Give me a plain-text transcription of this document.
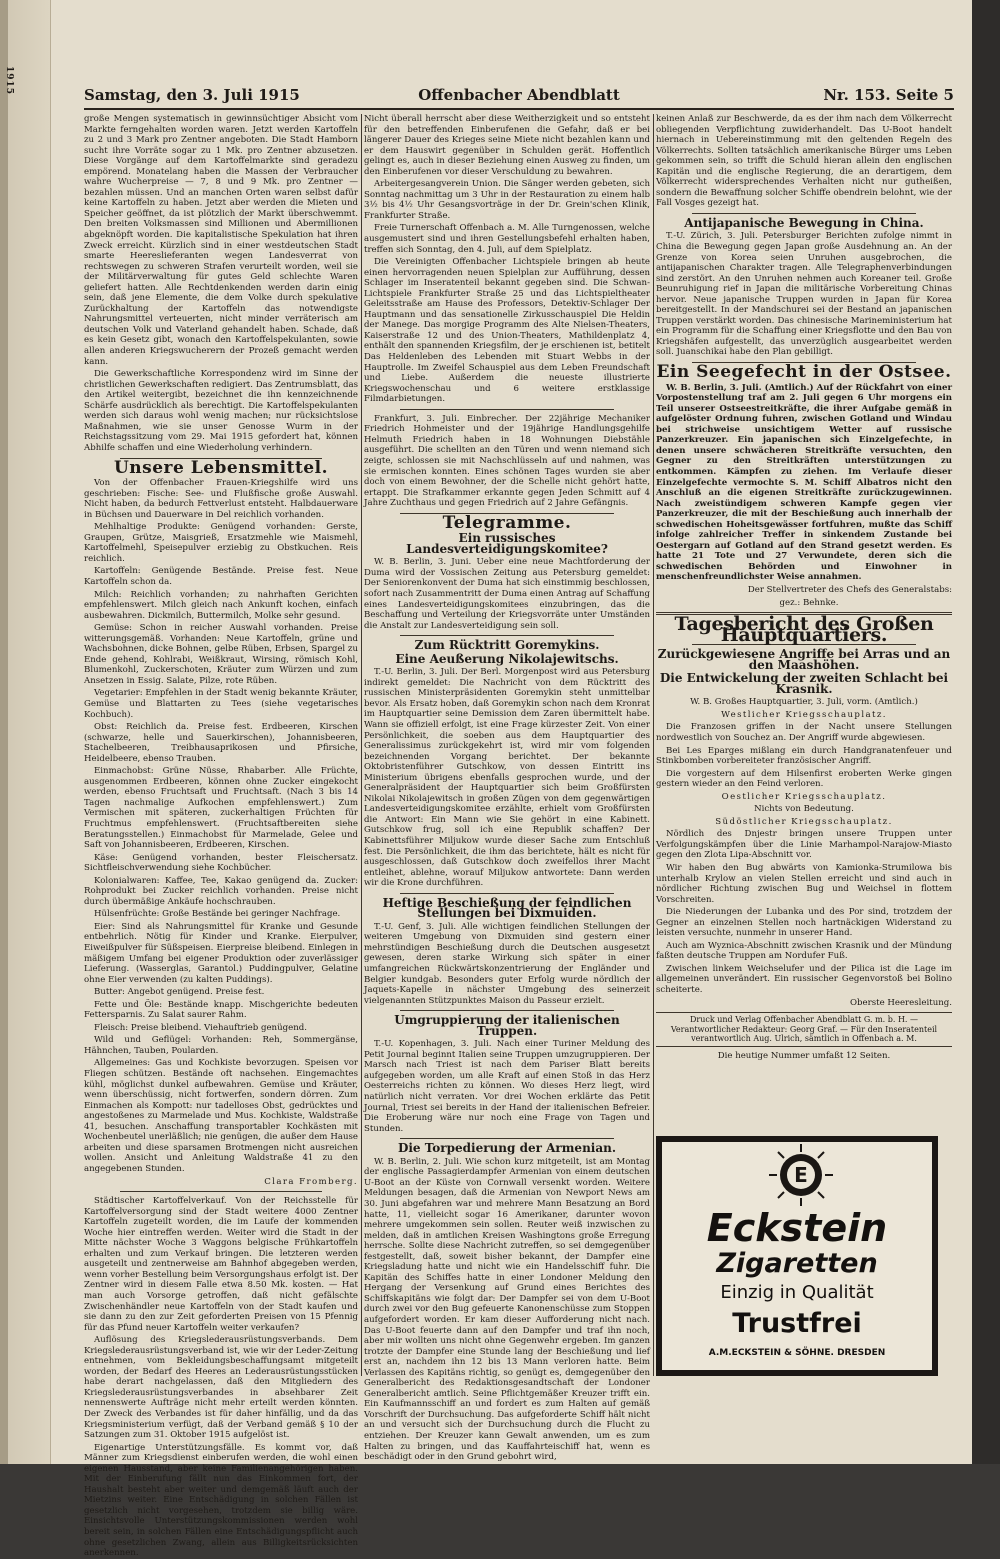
1915	Offenbacher Abendblatt
Samstag, den 3. Juli 1915	Nr. 153. Seite 5

große Mengen systematisch in gewinnsüchtiger Absicht vom Markte ferngehalten worden waren. Jetzt werden Kartoffeln zu 2 und 3 Mark pro Zentner angeboten. Die Stadt Hamborn sucht ihre Vorräte sogar zu 1 Mk. pro Zentner abzusetzen. Diese Vorgänge auf dem Kartoffelmarkte sind geradezu empörend. Monatelang haben die Massen der Verbraucher wahre Wucherpreise — 7, 8 und 9 Mk. pro Zentner — bezahlen müssen. Und an manchen Orten waren selbst dafür keine Kartoffeln zu haben. Jetzt aber werden die Mieten und Speicher geöffnet, da ist plötzlich der Markt überschwemmt. Den breiten Volksmassen sind Millionen und Abermillionen abgeknöpft worden. Die kapitalistische Spekulation hat ihren Zweck erreicht. Kürzlich sind in einer westdeutschen Stadt smarte Heereslieferanten wegen Landesverrat von rechtswegen zu schweren Strafen verurteilt worden, weil sie der Militärverwaltung für gutes Geld schlechte Waren geliefert hatten. Alle Rechtdenkenden werden darin einig sein, daß jene Elemente, die dem Volke durch spekulative Zurückhaltung der Kartoffeln das notwendigste Nahrungsmittel verteuerten, nicht minder verräterisch am deutschen Volk und Vaterland gehandelt haben. Schade, daß es kein Gesetz gibt, wonach den Kartoffelspekulanten, sowie allen anderen Kriegswucherern der Prozeß gemacht werden kann.

Die Gewerkschaftliche Korrespondenz wird im Sinne der christlichen Gewerkschaften redigiert. Das Zentrumsblatt, das den Artikel weitergibt, bezeichnet die ihn kennzeichnende Schärfe ausdrücklich als berechtigt. Die Kartoffelspekulanten werden sich daraus wohl wenig machen; nur rücksichtslose Maßnahmen, wie sie unser Genosse Wurm in der Reichstagssitzung vom 29. Mai 1915 gefordert hat, können Abhilfe schaffen und eine Wiederholung verhindern.

Unsere Lebensmittel.

Von der Offenbacher Frauen-Kriegshilfe wird uns geschrieben: Fische: See- und Flußfische große Auswahl. Nicht haben, da bedurch Fettverlust entsteht. Halbdauerware in Büchsen und Dauerware in Del reichlich vorhanden.

Mehlhaltige Produkte: Genügend vorhanden: Gerste, Graupen, Grütze, Maisgrieß, Ersatzmehle wie Maismehl, Kartoffelmehl, Speisepulver erziebig zu Obstkuchen. Reis reichlich.

Kartoffeln: Genügende Bestände. Preise fest. Neue Kartoffeln schon da.

Milch: Reichlich vorhanden; zu nahrhaften Gerichten empfehlenswert. Milch gleich nach Ankunft kochen, einfach ausbewahren. Dickmilch, Buttermilch, Molke sehr gesund.

Gemüse: Schon in reicher Auswahl vorhanden. Preise witterungsgemäß. Vorhanden: Neue Kartoffeln, grüne und Wachsbohnen, dicke Bohnen, gelbe Rüben, Erbsen, Spargel zu Ende gehend, Kohlrabi, Weißkraut, Wirsing, römisch Kohl, Blumenkohl, Zuckerschoten, Kräuter zum Würzen und zum Ansetzen in Essig. Salate, Pilze, rote Rüben.

Vegetarier: Empfehlen in der Stadt wenig bekannte Kräuter, Gemüse und Blattarten zu Tees (siehe vegetarisches Kochbuch).

Obst: Reichlich da. Preise fest. Erdbeeren, Kirschen (schwarze, helle und Sauerkirschen), Johannisbeeren, Stachelbeeren, Treibhausaprikosen und Pfirsiche, Heidelbeere, ebenso Trauben.

Einmachobst: Grüne Nüsse, Rhabarber. Alle Früchte, ausgenommen Erdbeeren, können ohne Zucker eingekocht werden, ebenso Fruchtsaft und Fruchtsaft. (Nach 3 bis 14 Tagen nachmalige Aufkochen empfehlenswert.) Zum Vermischen mit späteren, zuckerhaltigen Früchten für Fruchtmus empfehlenswert. (Fruchtsaftbereiten siehe Beratungsstellen.) Einmachobst für Marmelade, Gelee und Saft von Johannisbeeren, Erdbeeren, Kirschen.

Käse: Genügend vorhanden, bester Fleischersatz. Sichtfleischverwendung siehe Kochbücher.

Kolonialwaren: Kaffee, Tee, Kakao genügend da. Zucker: Rohprodukt bei Zucker reichlich vorhanden. Preise nicht durch übermäßige Ankäufe hochschrauben.

Hülsenfrüchte: Große Bestände bei geringer Nachfrage.

Eier: Sind als Nahrungsmittel für Kranke und Gesunde entbehrlich. Nötig für Kinder und Kranke. Eierpulver, Eiweißpulver für Süßspeisen. Eierpreise bleibend. Einlegen in mäßigem Umfang bei eigener Produktion oder zuverlässiger Lieferung. (Wasserglas, Garantol.) Puddingpulver, Gelatine ohne Eier verwenden (zu kalten Puddings).

Butter: Angebot genügend. Preise fest.

Fette und Öle: Bestände knapp. Mischgerichte bedeuten Fettersparnis. Zu Salat saurer Rahm.

Fleisch: Preise bleibend. Viehauftrieb genügend.

Wild und Geflügel: Vorhanden: Reh, Sommergänse, Hähnchen, Tauben, Poularden.

Allgemeines: Gas und Kochkiste bevorzugen. Speisen vor Fliegen schützen. Bestände oft nachsehen. Eingemachtes kühl, möglichst dunkel aufbewahren. Gemüse und Kräuter, wenn überschüssig, nicht fortwerfen, sondern dörren. Zum Einmachen als Kompott: nur tadelloses Obst, gedrücktes und angestoßenes zu Marmelade und Mus. Kochkiste, Waldstraße 41, besuchen. Anschaffung transportabler Kochkästen mit Wochenbeutel unerläßlich; nie genügen, die außer dem Hause arbeiten und diese sparsamen Brotmengen nicht ausreichen wollen. Ansicht und Anleitung Waldstraße 41 zu den angegebenen Stunden.

Clara Fromberg.

Städtischer Kartoffelverkauf. Von der Reichsstelle für Kartoffelversorgung sind der Stadt weitere 4000 Zentner Kartoffeln zugeteilt worden, die im Laufe der kommenden Woche hier eintreffen werden. Weiter wird die Stadt in der Mitte nächster Woche 3 Waggons belgische Frühkartoffeln erhalten und zum Verkauf bringen. Die letzteren werden ausgeteilt und zentnerweise am Bahnhof abgegeben werden, wenn vorher Bestellung beim Versorgungshaus erfolgt ist. Der Zentner wird in diesem Falle etwa 8.50 Mk. kosten. — Hat man auch Vorsorge getroffen, daß nicht gefälschte Zwischenhändler neue Kartoffeln von der Stadt kaufen und sie dann zu den zur Zeit geforderten Preisen von 15 Pfennig für das Pfund neuer Kartoffeln weiter verkaufen?

Auflösung des Kriegslederausrüstungsverbands. Dem Kriegslederausrüstungsverband ist, wie wir der Leder-Zeitung entnehmen, vom Bekleidungsbeschaffungsamt mitgeteilt worden, der Bedarf des Heeres an Lederausrüstungsstücken habe derart nachgelassen, daß den Mitgliedern des Kriegslederausrüstungsverbandes in absehbarer Zeit nennenswerte Aufträge nicht mehr erteilt werden könnten. Der Zweck des Verbandes ist für daher hinfällig, und da das Kriegsministerium verfügt, daß der Verband gemäß § 10 der Satzungen zum 31. Oktober 1915 aufgelöst ist.

Eigenartige Unterstützungsfälle. Es kommt vor, daß Männer zum Kriegsdienst einberufen werden, die wohl einen eigenen Hausstand, aber keine Familienangehörigen haben. Mit der Einberufung fällt nun das Einkommen fort, der Haushalt besteht aber weiter und demgemäß läuft auch der Mietzins weiter. Eine Entschädigung in solchen Fällen ist gesetzlich nicht vorgesehen, trotzdem sie billig wäre. Einsichtsvolle Unterstützungskommissionen werden wohl bereit sein, in solchen Fällen eine Entschädigungspflicht auch ohne gesetzlichen Zwang, allein aus Billigkeitsrücksichten anerkennen.

Nicht überall herrscht aber diese Weitherzigkeit und so entsteht für den betreffenden Einberufenen die Gefahr, daß er bei längerer Dauer des Krieges seine Miete nicht bezahlen kann und er dem Hauswirt gegenüber in Schulden gerät. Hoffentlich gelingt es, auch in dieser Beziehung einen Ausweg zu finden, um den Einberufenen vor dieser Verschuldung zu bewahren.

Arbeitergesangverein Union. Die Sänger werden gebeten, sich Sonntag nachmittag um 3 Uhr in der Restauration zu einem halb 3½ bis 4½ Uhr Gesangsvorträge in der Dr. Grein'schen Klinik, Frankfurter Straße.

Freie Turnerschaft Offenbach a. M. Alle Turngenossen, welche ausgemustert sind und ihren Gestellungsbefehl erhalten haben, treffen sich Sonntag, den 4. Juli, auf dem Spielplatz.

Die Vereinigten Offenbacher Lichtspiele bringen ab heute einen hervorragenden neuen Spielplan zur Aufführung, dessen Schlager im Inseratenteil bekannt gegeben sind. Die Schwan-Lichtspiele Frankfurter Straße 25 und das Lichtspieltheater Geleitsstraße am Hause des Professors, Detektiv-Schlager Der Hauptmann und das sensationelle Zirkusschauspiel Die Heldin der Manege. Das morgige Programm des Alte Nielsen-Theaters, Kaiserstraße 12 und des Union-Theaters, Mathildenplatz 4, enthält den spannenden Kriegsfilm, der je erschienen ist, betitelt Das Heldenleben des Lebenden mit Stuart Webbs in der Hauptrolle. Im Zweifel Schauspiel aus dem Leben Freundschaft und Liebe. Außerdem die neueste illustrierte Kriegswochenschau und 6 weitere erstklassige Filmdarbietungen.

Frankfurt, 3. Juli. Einbrecher. Der 22jährige Mechaniker Friedrich Hohmeister und der 19jährige Handlungsgehilfe Helmuth Friedrich haben in 18 Wohnungen Diebstähle ausgeführt. Die schellten an den Türen und wenn niemand sich zeigte, schlossen sie mit Nachschlüsseln auf und nahmen, was sie ermischen konnten. Eines schönen Tages wurden sie aber doch von einem Bewohner, der die Schelle nicht gehört hatte, ertappt. Die Strafkammer erkannte gegen Jeden Schmitt auf 4 Jahre Zuchthaus und gegen Friedrich auf 2 Jahre Gefängnis.

Telegramme.
Ein russisches Landesverteidigungskomitee?

W. B. Berlin, 3. Juni. Ueber eine neue Machtforderung der Duma wird der Vossischen Zeitung aus Petersburg gemeldet: Der Seniorenkonvent der Duma hat sich einstimmig beschlossen, sofort nach Zusammentritt der Duma einen Antrag auf Schaffung eines Landesverteidigungskomitees einzubringen, das die Beschaffung und Verteilung der Kriegsvorräte unter Umständen die Anstalt zur Landesverteidigung sein soll.

Zum Rücktritt Goremykins.
Eine Aeußerung Nikolajewitschs.

T.-U. Berlin, 3. Juli. Der Berl. Morgenpost wird aus Petersburg indirekt gemeldet: Die Nachricht von dem Rücktritt des russischen Ministerpräsidenten Goremykin steht unmittelbar bevor. Als Ersatz hoben, daß Goremykin schon nach dem Kronrat im Hauptquartier seine Demission dem Zaren übermittelt habe. Wann sie offiziell erfolgt, ist eine Frage kürzester Zeit. Von einer Persönlichkeit, die soeben aus dem Hauptquartier des Generalissimus zurückgekehrt ist, wird mir vom folgenden bezeichnenden Vorgang berichtet. Der bekannte Oktobristenführer Gutschkow, von dessen Eintritt ins Ministerium übrigens ebenfalls gesprochen wurde, und der Generalpräsident der Hauptquartier sich beim Großfürsten Nikolai Nikolajewitsch in großen Zügen von dem gegenwärtigen Landesverteidigungskomitee erzählte, erhielt vom Großfürsten die Antwort: Ein Mann wie Sie gehört in eine Kabinett. Gutschkow frug, soll ich eine Republik schaffen? Der Kabinettsführer Miljukow wurde dieser Sache zum Entschluß fest. Die Persönlichkeit, die ihm das berichtete, hält es nicht für ausgeschlossen, daß Gutschkow doch zweifellos ihrer Macht entleihet, ablehne, worauf Miljukow antwortete: Dann werden wir die Krone durchführen.

Heftige Beschießung der feindlichen Stellungen bei Dixmuiden.

T.-U. Genf, 3. Juli. Alle wichtigen feindlichen Stellungen der weiteren Umgebung von Dixmuiden sind gestern einer mehrstündigen Beschießung durch die Deutschen ausgesetzt gewesen, deren starke Wirkung sich später in einer umfangreichen Rückwärtskonzentrierung der Engländer und Belgier kundgab. Besonders guter Erfolg wurde nördlich der Jaquets-Kapelle in nächster Umgebung des seinerzeit vielgenannten Stützpunktes Maison du Passeur erzielt.

Umgruppierung der italienischen Truppen.

T.-U. Kopenhagen, 3. Juli. Nach einer Turiner Meldung des Petit Journal beginnt Italien seine Truppen umzugruppieren. Der Marsch nach Triest ist nach dem Pariser Blatt bereits aufgegeben worden, um alle Kraft auf einen Stoß in das Herz Oesterreichs richten zu können. Wo dieses Herz liegt, wird natürlich nicht verraten. Vor drei Wochen erklärte das Petit Journal, Triest sei bereits in der Hand der italienischen Befreier. Die Eroberung wäre nur noch eine Frage von Tagen und Stunden.

Die Torpedierung der Armenian.

W. B. Berlin, 2. Juli. Wie schon kurz mitgeteilt, ist am Montag der englische Passagierdampfer Armenian von einem deutschen U-Boot an der Küste von Cornwall versenkt worden. Weitere Meldungen besagen, daß die Armenian von Newport News am 30. Juni abgefahren war und mehrere Mann Besatzung an Bord hatte, 11, vielleicht sogar 16 Amerikaner, darunter wovon mehrere umgekommen sein sollen. Reuter weiß inzwischen zu melden, daß in amtlichen Kreisen Washingtons große Erregung herrsche. Sollte diese Nachricht zutreffen, so sei demgegenüber festgestellt, daß, soweit bisher bekannt, der Dampfer eine Kriegsladung hatte und nicht wie ein Handelsschiff fuhr. Die Kapitän des Schiffes hatte in einer Londoner Meldung den Hergang der Versenkung auf Grund eines Berichtes des Schiffskapitäns wie folgt dar: Der Dampfer sei von dem U-Boot durch zwei vor den Bug gefeuerte Kanonenschüsse zum Stoppen aufgefordert worden. Er kam dieser Aufforderung nicht nach. Das U-Boot feuerte dann auf den Dampfer und traf ihn noch, aber mir wollten uns nicht ohne Gegenwehr ergeben. Im ganzen trotzte der Dampfer eine Stunde lang der Beschießung und lief erst an, nachdem ihn 12 bis 13 Mann verloren hatte. Beim Verlassen des Kapitäns richtig, so genügt es, demgegenüber den Generalbericht des Redaktionsgesandtschaft der Londoner Generalbericht amtlich. Seine Pflichtgemäßer Kreuzer trifft ein. Ein Kaufmannsschiff an und fordert es zum Halten auf gemäß Vorschrift der Durchsuchung. Das aufgeforderte Schiff hält nicht an und versucht sich der Durchsuchung durch die Flucht zu entziehen. Der Kreuzer kann Gewalt anwenden, um es zum Halten zu bringen, und das Kauffahrteischiff hat, wenn es beschädigt oder in den Grund gebohrt wird,

keinen Anlaß zur Beschwerde, da es der ihm nach dem Völkerrecht obliegenden Verpflichtung zuwiderhandelt. Das U-Boot handelt hiernach in Uebereinstimmung mit den geltenden Regeln des Völkerrechts. Sollten tatsächlich amerikanische Bürger ums Leben gekommen sein, so trifft die Schuld hieran allein den englischen Kapitän und die englische Regierung, die an derartigem, dem Völkerrecht widersprechendes Verhalten nicht nur gutheißen, sondern die Bewaffnung solcher Schiffe obendrein belohnt, wie der Fall Vosges gezeigt hat.

Antijapanische Bewegung in China.

T.-U. Zürich, 3. Juli. Petersburger Berichten zufolge nimmt in China die Bewegung gegen Japan große Ausdehnung an. An der Grenze von Korea seien Unruhen ausgebrochen, die antijapanischen Charakter tragen. Alle Telegraphenverbindungen sind zerstört. An den Unruhen nehmen auch Koreaner teil. Große Beunruhigung rief in Japan die militärische Vorbereitung Chinas hervor. Neue japanische Truppen wurden in Japan für Korea bereitgestellt. In der Mandschurei sei der Bestand an japanischen Truppen verstärkt worden. Das chinesische Marineministerium hat ein Programm für die Schaffung einer Kriegsflotte und den Bau von Kriegshäfen aufgestellt, das unverzüglich ausgearbeitet werden soll. Juanschikai habe den Plan gebilligt.

Ein Seegefecht in der Ostsee.

W. B. Berlin, 3. Juli. (Amtlich.) Auf der Rückfahrt von einer Vorpostenstellung traf am 2. Juli gegen 6 Uhr morgens ein Teil unserer Ostseestreitkräfte, die ihrer Aufgabe gemäß in aufgelöster Ordnung fuhren, zwischen Gotland und Windau bei strichweise unsichtigem Wetter auf russische Panzerkreuzer. Ein japanischen sich Einzelgefechte, in denen unsere schwächeren Streitkräfte versuchten, den Gegner zu den Streitkräften unterstützungen zu entkommen. Kämpfen zu ziehen. Im Verlaufe dieser Einzelgefechte vermochte S. M. Schiff Albatros nicht den Anschluß an die eigenen Streitkräfte zurückzugewinnen. Nach zweistündigem schweren Kampfe gegen vier Panzerkreuzer, die mit der Beschießung auch innerhalb der schwedischen Hoheitsgewässer fortfuhren, mußte das Schiff infolge zahlreicher Treffer in sinkendem Zustande bei Oestergarn auf Gotland auf den Strand gesetzt werden. Es hatte 21 Tote und 27 Verwundete, deren sich die schwedischen Behörden und Einwohner in menschenfreundlichster Weise annahmen.

Der Stellvertreter des Chefs des Generalstabs:

gez.: Behnke.

Tagesbericht des Großen Hauptquartiers.
Zurückgewiesene Angriffe bei Arras und an den Maashöhen.
Die Entwickelung der zweiten Schlacht bei Krasnik.

W. B. Großes Hauptquartier, 3. Juli, vorm. (Amtlich.)

Westlicher Kriegsschauplatz.

Die Franzosen griffen in der Nacht unsere Stellungen nordwestlich von Souchez an. Der Angriff wurde abgewiesen.

Bei Les Eparges mißlang ein durch Handgranatenfeuer und Stinkbomben vorbereiteter französischer Angriff.

Die vorgestern auf dem Hilsenfirst eroberten Werke gingen gestern wieder an den Feind verloren.

Oestlicher Kriegsschauplatz.

Nichts von Bedeutung.

Südöstlicher Kriegsschauplatz.

Nördlich des Dnjestr bringen unsere Truppen unter Verfolgungskämpfen über die Linie Marhampol-Narajow-Miasto gegen den Zlota Lipa-Abschnitt vor.

Wir haben den Bug abwärts von Kamionka-Strumilowa bis unterhalb Krylow an vielen Stellen erreicht und sind auch in nördlicher Richtung zwischen Bug und Weichsel in flottem Vorschreiten.

Die Niederungen der Lubanka und des Por sind, trotzdem der Gegner an einzelnen Stellen noch hartnäckigen Widerstand zu leisten versuchte, nunmehr in unserer Hand.

Auch am Wyznica-Abschnitt zwischen Krasnik und der Mündung faßten deutsche Truppen am Nordufer Fuß.

Zwischen linkem Weichselufer und der Pilica ist die Lage im allgemeinen unverändert. Ein russischer Gegenvorstoß bei Bolino scheiterte.

Oberste Heeresleitung.

Druck und Verlag Offenbacher Abendblatt G. m. b. H. — Verantwortlicher Redakteur: Georg Graf. — Für den Inseratenteil verantwortlich Aug. Ulrich, sämtlich in Offenbach a. M.

Die heutige Nummer umfaßt 12 Seiten.

E
Eckstein
Zigaretten
Einzig in Qualität
Trustfrei
A.M.ECKSTEIN & SÖHNE. DRESDEN
